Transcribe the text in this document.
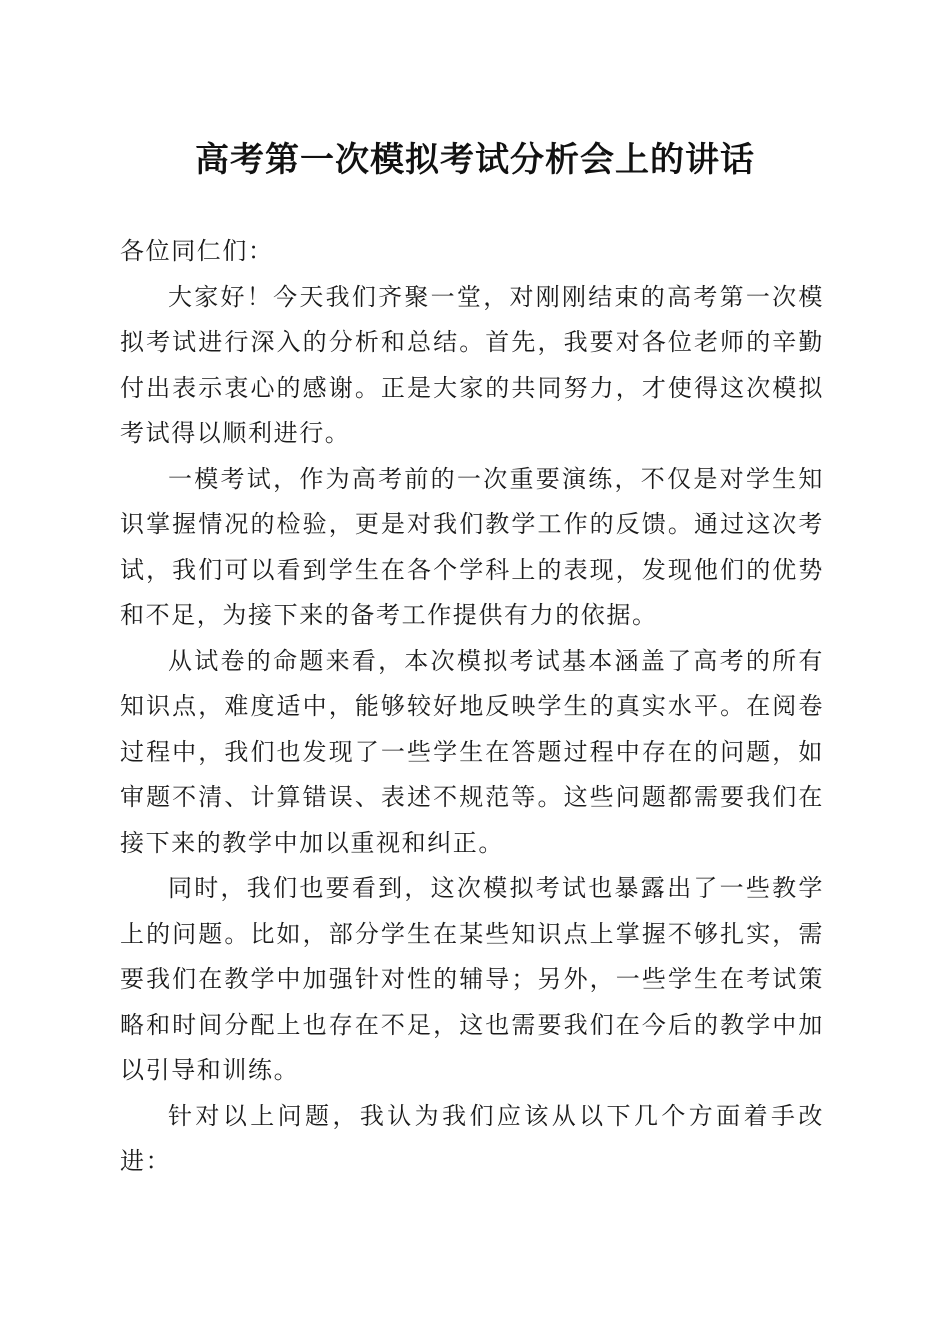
高考第一次模拟考试分析会上的讲话

各位同仁们：

大家好！今天我们齐聚一堂，对刚刚结束的高考第一次模拟考试进行深入的分析和总结。首先，我要对各位老师的辛勤付出表示衷心的感谢。正是大家的共同努力，才使得这次模拟考试得以顺利进行。

一模考试，作为高考前的一次重要演练，不仅是对学生知识掌握情况的检验，更是对我们教学工作的反馈。通过这次考试，我们可以看到学生在各个学科上的表现，发现他们的优势和不足，为接下来的备考工作提供有力的依据。

从试卷的命题来看，本次模拟考试基本涵盖了高考的所有知识点，难度适中，能够较好地反映学生的真实水平。在阅卷过程中，我们也发现了一些学生在答题过程中存在的问题，如审题不清、计算错误、表述不规范等。这些问题都需要我们在接下来的教学中加以重视和纠正。

同时，我们也要看到，这次模拟考试也暴露出了一些教学上的问题。比如，部分学生在某些知识点上掌握不够扎实，需要我们在教学中加强针对性的辅导；另外，一些学生在考试策略和时间分配上也存在不足，这也需要我们在今后的教学中加以引导和训练。

针对以上问题，我认为我们应该从以下几个方面着手改进：
